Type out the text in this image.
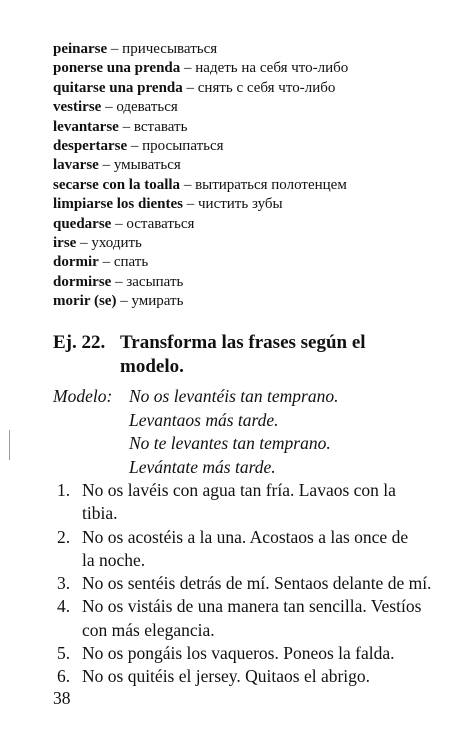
peinarse – причесываться
ponerse una prenda – надеть на себя что-либо
quitarse una prenda – снять с себя что-либо
vestirse – одеваться
levantarse – вставать
despertarse – просыпаться
lavarse – умываться
secarse con la toalla – вытираться полотенцем
limpiarse los dientes – чистить зубы
quedarse – оставаться
irse – уходить
dormir – спать
dormirse – засыпать
morir (se) – умирать
Ej. 22. Transforma las frases según el
modelo.
Modelo: No os levantéis tan temprano.
Levantaos más tarde.
No te levantes tan temprano.
Levántate más tarde.
1. No os lavéis con agua tan fría. Lavaos con la
tibia.
2. No os acostéis a la una. Acostaos a las once de
la noche.
3. No os sentéis detrás de mí. Sentaos delante de mí.
4. No os vistáis de una manera tan sencilla. Vestíos
con más elegancia.
5. No os pongáis los vaqueros. Poneos la falda.
6. No os quitéis el jersey. Quitaos el abrigo.
38
